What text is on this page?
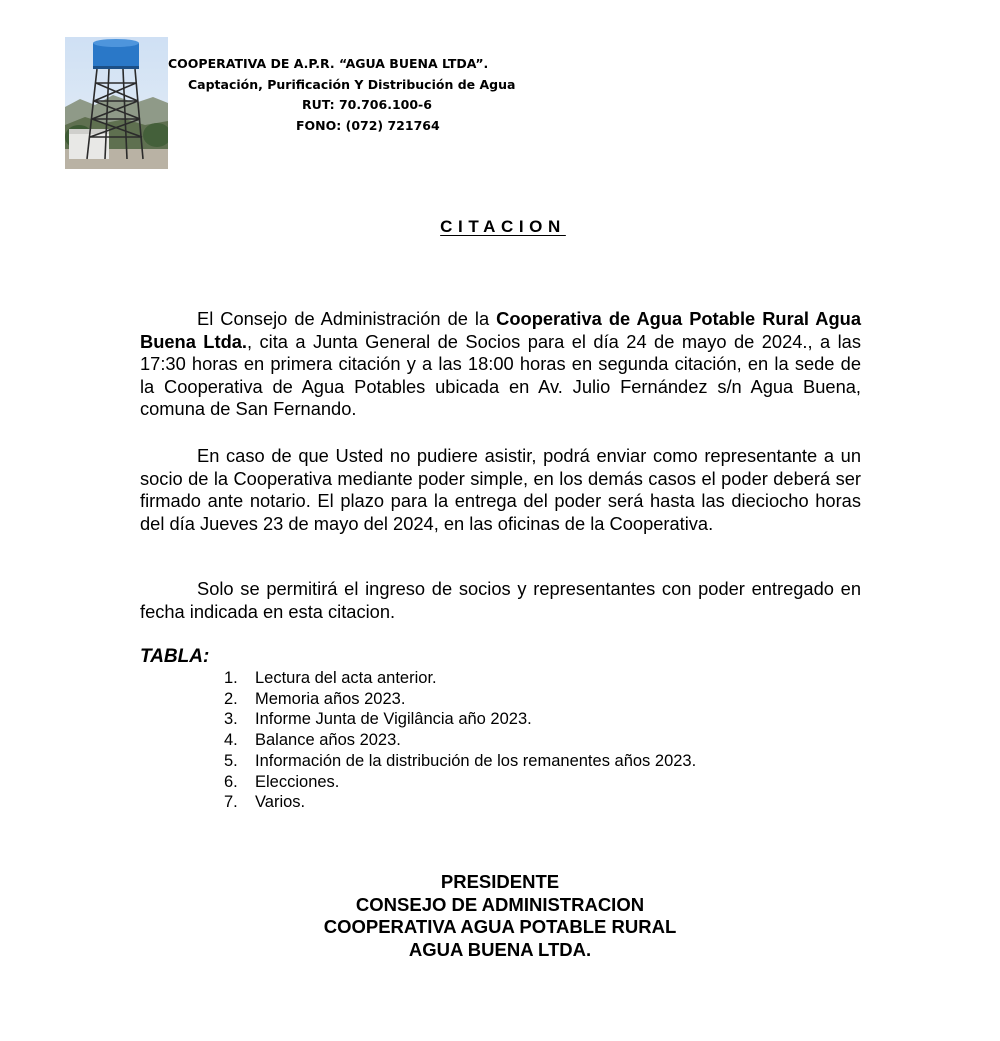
COOPERATIVA DE A.P.R. “AGUA BUENA LTDA”.
Captación, Purificación Y Distribución de Agua
RUT: 70.706.100-6
FONO: (072) 721764
CITACION
El Consejo de Administración de la Cooperativa de Agua Potable Rural Agua Buena Ltda., cita a Junta General de Socios para el día 24 de mayo de 2024., a las 17:30 horas en primera citación y a las 18:00 horas en segunda citación, en la sede de la Cooperativa de Agua Potables ubicada en Av. Julio Fernández s/n Agua Buena, comuna de San Fernando.
En caso de que Usted no pudiere asistir, podrá enviar como representante a un socio de la Cooperativa mediante poder simple, en los demás casos el poder deberá ser firmado ante notario. El plazo para la entrega del poder será hasta las dieciocho horas del día Jueves 23 de mayo del 2024, en las oficinas de la Cooperativa.
Solo se permitirá el ingreso de socios y representantes con poder entregado en fecha indicada en esta citacion.
TABLA:
1.	Lectura del acta anterior.
2.	Memoria años 2023.
3.	Informe Junta de Vigilância año 2023.
4.	Balance años 2023.
5.	Información de la distribución de los remanentes años 2023.
6.	Elecciones.
7.	Varios.
PRESIDENTE
CONSEJO DE ADMINISTRACION
COOPERATIVA AGUA POTABLE RURAL
AGUA BUENA LTDA.
